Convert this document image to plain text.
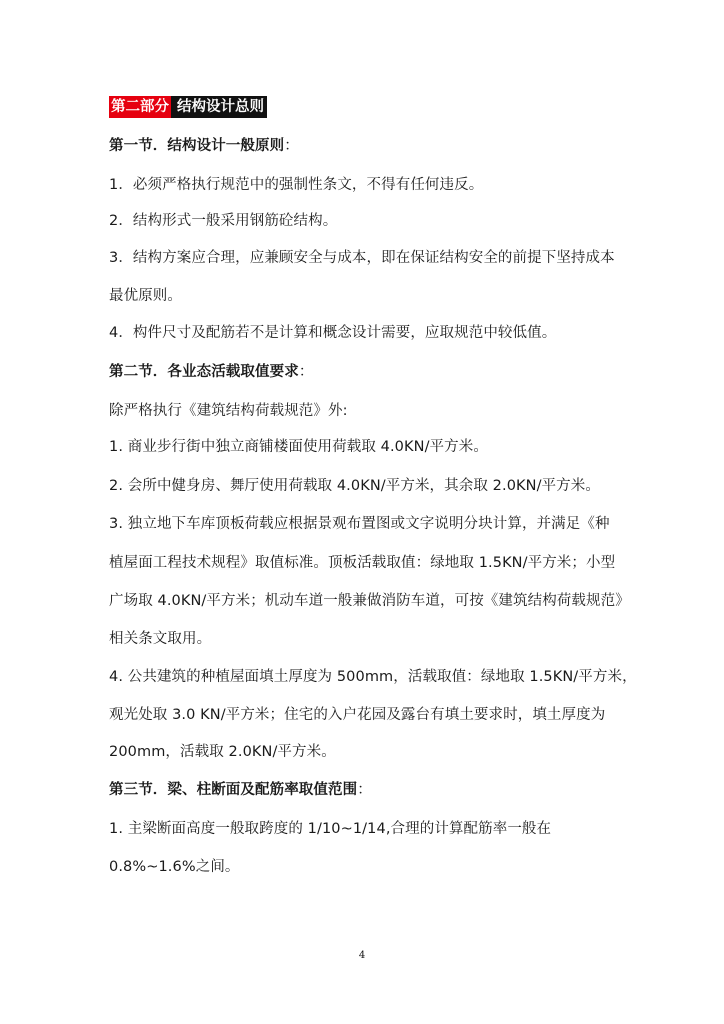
第二部分 结构设计总则
第一节．结构设计一般原则：
1．必须严格执行规范中的强制性条文，不得有任何违反。
2．结构形式一般采用钢筋砼结构。
3．结构方案应合理，应兼顾安全与成本，即在保证结构安全的前提下坚持成本
最优原则。
4．构件尺寸及配筋若不是计算和概念设计需要，应取规范中较低值。
第二节．各业态活载取值要求：
除严格执行《建筑结构荷载规范》外:
1. 商业步行街中独立商铺楼面使用荷载取 4.0KN/平方米。
2. 会所中健身房、舞厅使用荷载取 4.0KN/平方米，其余取 2.0KN/平方米。
3. 独立地下车库顶板荷载应根据景观布置图或文字说明分块计算，并满足《种
植屋面工程技术规程》取值标准。顶板活载取值：绿地取 1.5KN/平方米；小型
广场取 4.0KN/平方米；机动车道一般兼做消防车道，可按《建筑结构荷载规范》
相关条文取用。
4. 公共建筑的种植屋面填土厚度为 500mm，活载取值：绿地取 1.5KN/平方米，
观光处取 3.0 KN/平方米；住宅的入户花园及露台有填土要求时，填土厚度为
200mm，活载取 2.0KN/平方米。
第三节．梁、柱断面及配筋率取值范围：
1. 主梁断面高度一般取跨度的 1/10~1/14,合理的计算配筋率一般在
0.8%~1.6%之间。
4
